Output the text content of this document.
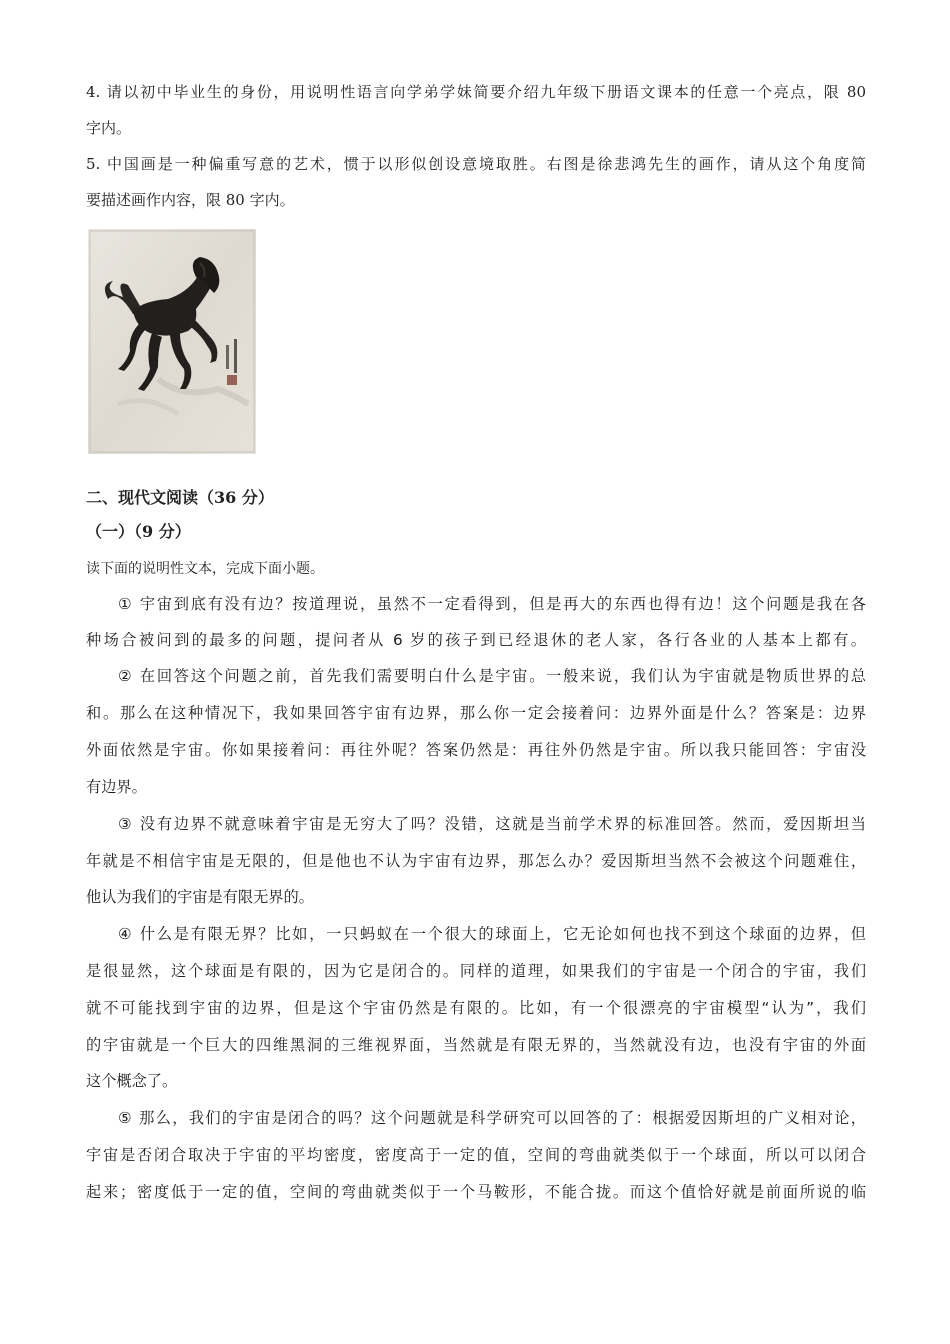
4. 请以初中毕业生的身份，用说明性语言向学弟学妹简要介绍九年级下册语文课本的任意一个亮点，限 80
字内。
5. 中国画是一种偏重写意的艺术，惯于以形似创设意境取胜。右图是徐悲鸿先生的画作，请从这个角度简
要描述画作内容，限 80 字内。
二、现代文阅读（36 分）
（一）（9 分）
读下面的说明性文本，完成下面小题。
① 宇宙到底有没有边？按道理说，虽然不一定看得到，但是再大的东西也得有边！这个问题是我在各
种场合被问到的最多的问题，提问者从 6 岁的孩子到已经退休的老人家，各行各业的人基本上都有。
② 在回答这个问题之前，首先我们需要明白什么是宇宙。一般来说，我们认为宇宙就是物质世界的总
和。那么在这种情况下，我如果回答宇宙有边界，那么你一定会接着问：边界外面是什么？答案是：边界
外面依然是宇宙。你如果接着问：再往外呢？答案仍然是：再往外仍然是宇宙。所以我只能回答：宇宙没
有边界。
③ 没有边界不就意味着宇宙是无穷大了吗？没错，这就是当前学术界的标准回答。然而，爱因斯坦当
年就是不相信宇宙是无限的，但是他也不认为宇宙有边界，那怎么办？爱因斯坦当然不会被这个问题难住，
他认为我们的宇宙是有限无界的。
④ 什么是有限无界？比如，一只蚂蚁在一个很大的球面上，它无论如何也找不到这个球面的边界，但
是很显然，这个球面是有限的，因为它是闭合的。同样的道理，如果我们的宇宙是一个闭合的宇宙，我们
就不可能找到宇宙的边界，但是这个宇宙仍然是有限的。比如，有一个很漂亮的宇宙模型“认为”，我们
的宇宙就是一个巨大的四维黑洞的三维视界面，当然就是有限无界的，当然就没有边，也没有宇宙的外面
这个概念了。
⑤ 那么，我们的宇宙是闭合的吗？这个问题就是科学研究可以回答的了：根据爱因斯坦的广义相对论，
宇宙是否闭合取决于宇宙的平均密度，密度高于一定的值，空间的弯曲就类似于一个球面，所以可以闭合
起来；密度低于一定的值，空间的弯曲就类似于一个马鞍形，不能合拢。而这个值恰好就是前面所说的临
